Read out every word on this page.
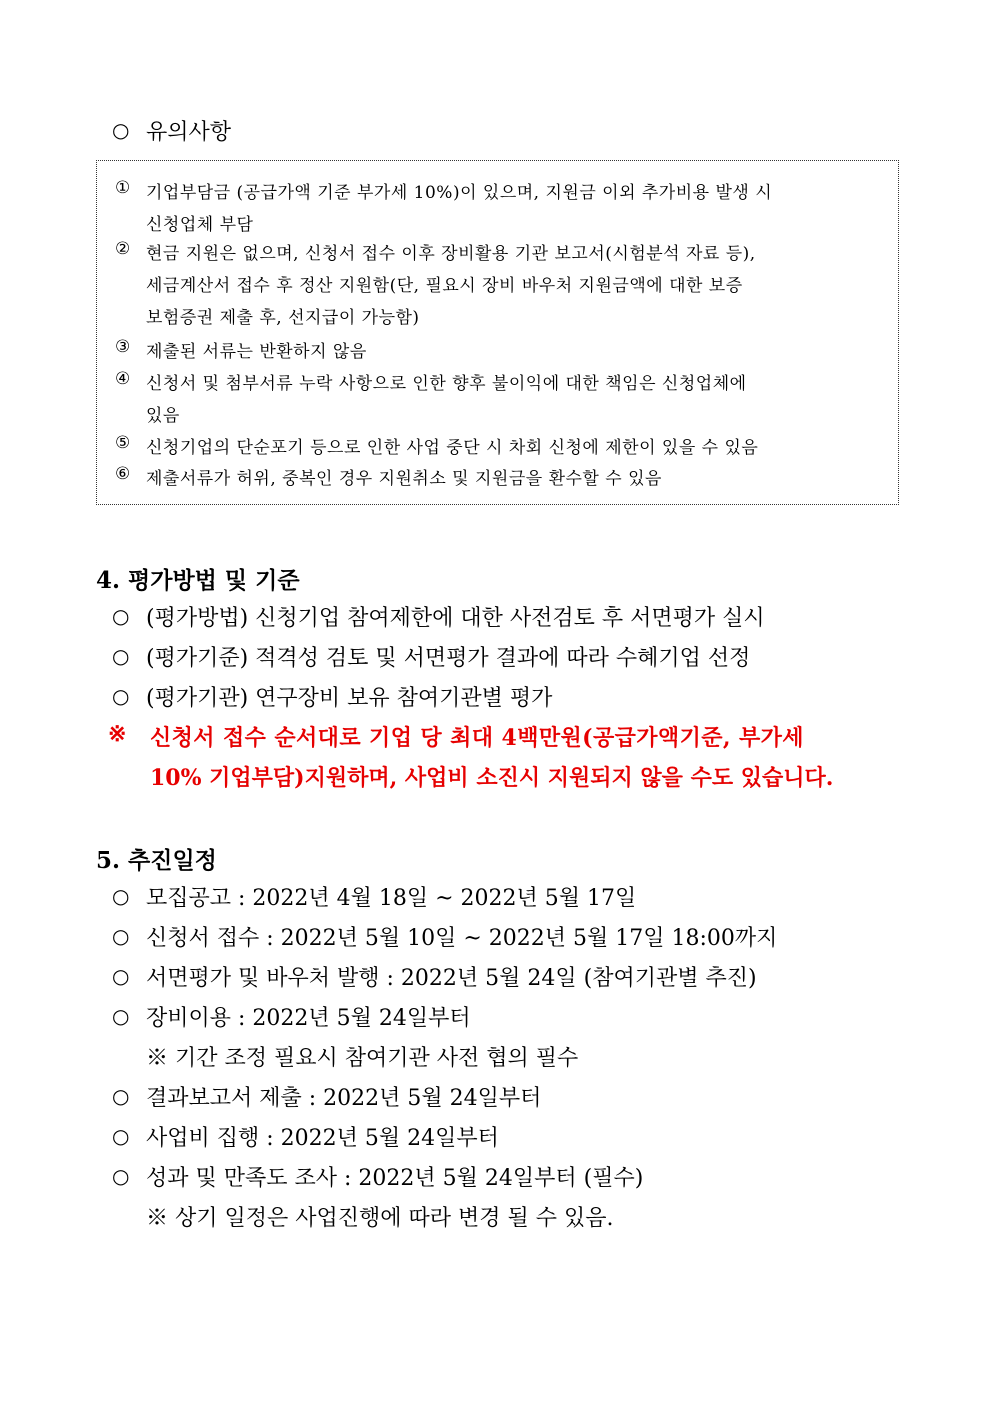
○ 유의사항
① 기업부담금 (공급가액 기준 부가세 10%)이 있으며, 지원금 이외 추가비용 발생 시
신청업체 부담
② 현금 지원은 없으며, 신청서 접수 이후 장비활용 기관 보고서(시험분석 자료 등),
세금계산서 접수 후 정산 지원함(단, 필요시 장비 바우처 지원금액에 대한 보증
보험증권 제출 후, 선지급이 가능함)
③ 제출된 서류는 반환하지 않음
④ 신청서 및 첨부서류 누락 사항으로 인한 향후 불이익에 대한 책임은 신청업체에
있음
⑤ 신청기업의 단순포기 등으로 인한 사업 중단 시 차회 신청에 제한이 있을 수 있음
⑥ 제출서류가 허위, 중복인 경우 지원취소 및 지원금을 환수할 수 있음
4. 평가방법 및 기준
○ (평가방법) 신청기업 참여제한에 대한 사전검토 후 서면평가 실시
○ (평가기준) 적격성 검토 및 서면평가 결과에 따라 수혜기업 선정
○ (평가기관) 연구장비 보유 참여기관별 평가
※ 신청서 접수 순서대로 기업 당 최대 4백만원(공급가액기준, 부가세
10% 기업부담)지원하며, 사업비 소진시 지원되지 않을 수도 있습니다.
5. 추진일정
○ 모집공고 : 2022년 4월 18일 ~ 2022년 5월 17일
○ 신청서 접수 : 2022년 5월 10일 ~ 2022년 5월 17일 18:00까지
○ 서면평가 및 바우처 발행 : 2022년 5월 24일 (참여기관별 추진)
○ 장비이용 : 2022년 5월 24일부터
※ 기간 조정 필요시 참여기관 사전 협의 필수
○ 결과보고서 제출 : 2022년 5월 24일부터
○ 사업비 집행 : 2022년 5월 24일부터
○ 성과 및 만족도 조사 : 2022년 5월 24일부터 (필수)
※ 상기 일정은 사업진행에 따라 변경 될 수 있음.
